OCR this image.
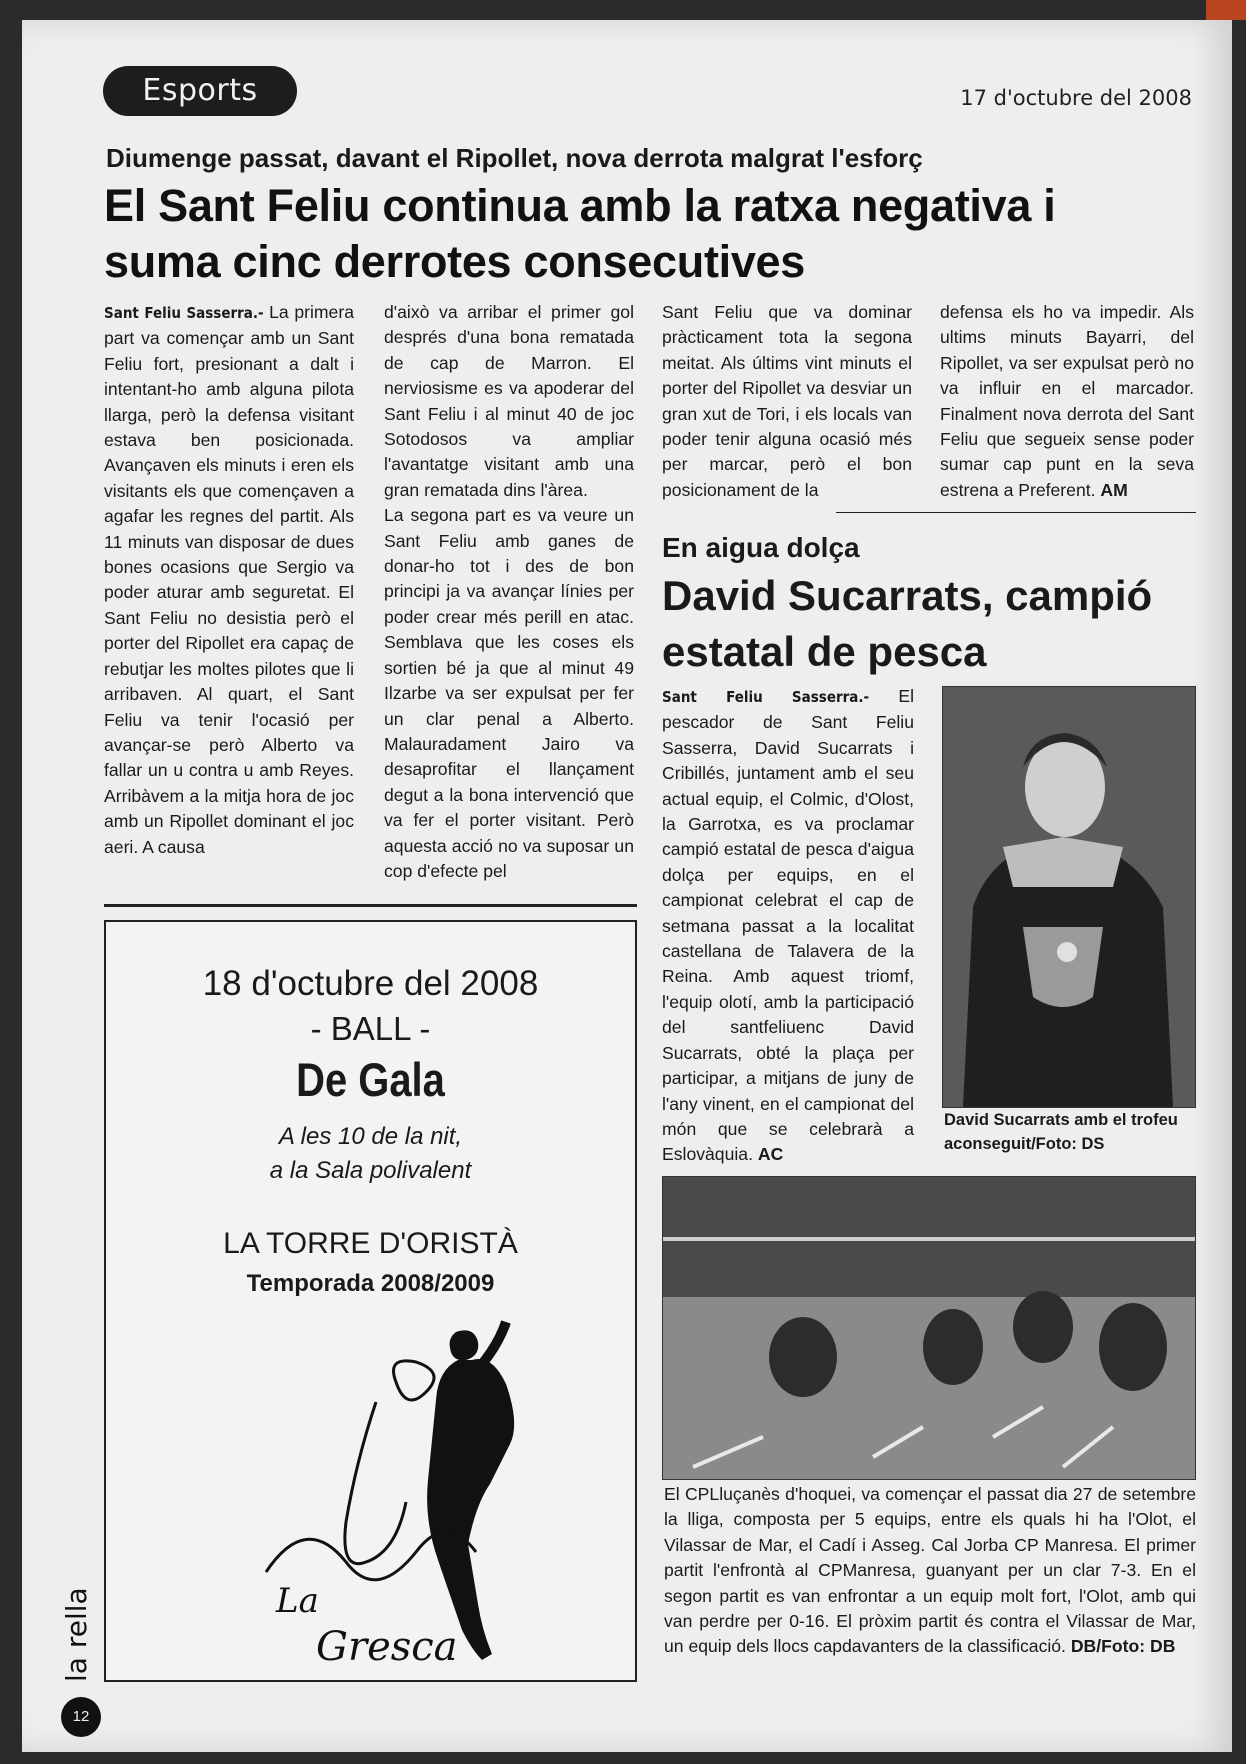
Esports	17 d'octubre del 2008
Diumenge passat, davant el Ripollet, nova derrota malgrat l'esforç
El Sant Feliu continua amb la ratxa negativa i suma cinc derrotes consecutives
Sant Feliu Sasserra.- La primera part va començar amb un Sant Feliu fort, presionant a dalt i intentant-ho amb alguna pilota llarga, però la defensa visitant estava ben posicionada. Avançaven els minuts i eren els visitants els que començaven a agafar les regnes del partit. Als 11 minuts van disposar de dues bones ocasions que Sergio va poder aturar amb seguretat. El Sant Feliu no desistia però el porter del Ripollet era capaç de rebutjar les moltes pilotes que li arribaven. Al quart, el Sant Feliu va tenir l'ocasió per avançar-se però Alberto va fallar un u contra u amb Reyes. Arribàvem a la mitja hora de joc amb un Ripollet dominant el joc aeri. A causa

d'això va arribar el primer gol després d'una bona rematada de cap de Marron. El nerviosisme es va apoderar del Sant Feliu i al minut 40 de joc Sotodosos va ampliar l'avantatge visitant amb una gran rematada dins l'àrea.

La segona part es va veure un Sant Feliu amb ganes de donar-ho tot i des de bon principi ja va avançar línies per poder crear més perill en atac. Semblava que les coses els sortien bé ja que al minut 49 Ilzarbe va ser expulsat per fer un clar penal a Alberto. Malauradament Jairo va desaprofitar el llançament degut a la bona intervenció que va fer el porter visitant. Però aquesta acció no va suposar un cop d'efecte pel

Sant Feliu que va dominar pràcticament tota la segona meitat. Als últims vint minuts el porter del Ripollet va desviar un gran xut de Tori, i els locals van poder tenir alguna ocasió més per marcar, però el bon posicionament de la
defensa els ho va impedir. Als ultims minuts Bayarri, del Ripollet, va ser expulsat però no va influir en el marcador. Finalment nova derrota del Sant Feliu que segueix sense poder sumar cap punt en la seva estrena a Preferent. AM
18 d'octubre del 2008
- BALL -
De Gala
A les 10 de la nit,
a la Sala polivalent
LA TORRE D'ORISTÀ
Temporada 2008/2009
La
Gresca
En aigua dolça
David Sucarrats, campió estatal de pesca
Sant Feliu Sasserra.- El pescador de Sant Feliu Sasserra, David Sucarrats i Cribillés, juntament amb el seu actual equip, el Colmic, d'Olost, la Garrotxa, es va proclamar campió estatal de pesca d'aigua dolça per equips, en el campionat celebrat el cap de setmana passat a la localitat castellana de Talavera de la Reina. Amb aquest triomf, l'equip olotí, amb la participació del santfeliuenc David Sucarrats, obté la plaça per participar, a mitjans de juny de l'any vinent, en el campionat del món que se celebrarà a Eslovàquia. AC
David Sucarrats amb el trofeu aconseguit/Foto: DS
El CPLluçanès d'hoquei, va començar el passat dia 27 de setembre la lliga, composta per 5 equips, entre els quals hi ha l'Olot, el Vilassar de Mar, el Cadí i Asseg. Cal Jorba CP Manresa. El primer partit l'enfrontà al CPManresa, guanyant per un clar 7-3. En el segon partit es van enfrontar a un equip molt fort, l'Olot, amb qui van perdre per 0-16. El pròxim partit és contra el Vilassar de Mar, un equip dels llocs capdavanters de la classificació. DB/Foto: DB
la rella
12
